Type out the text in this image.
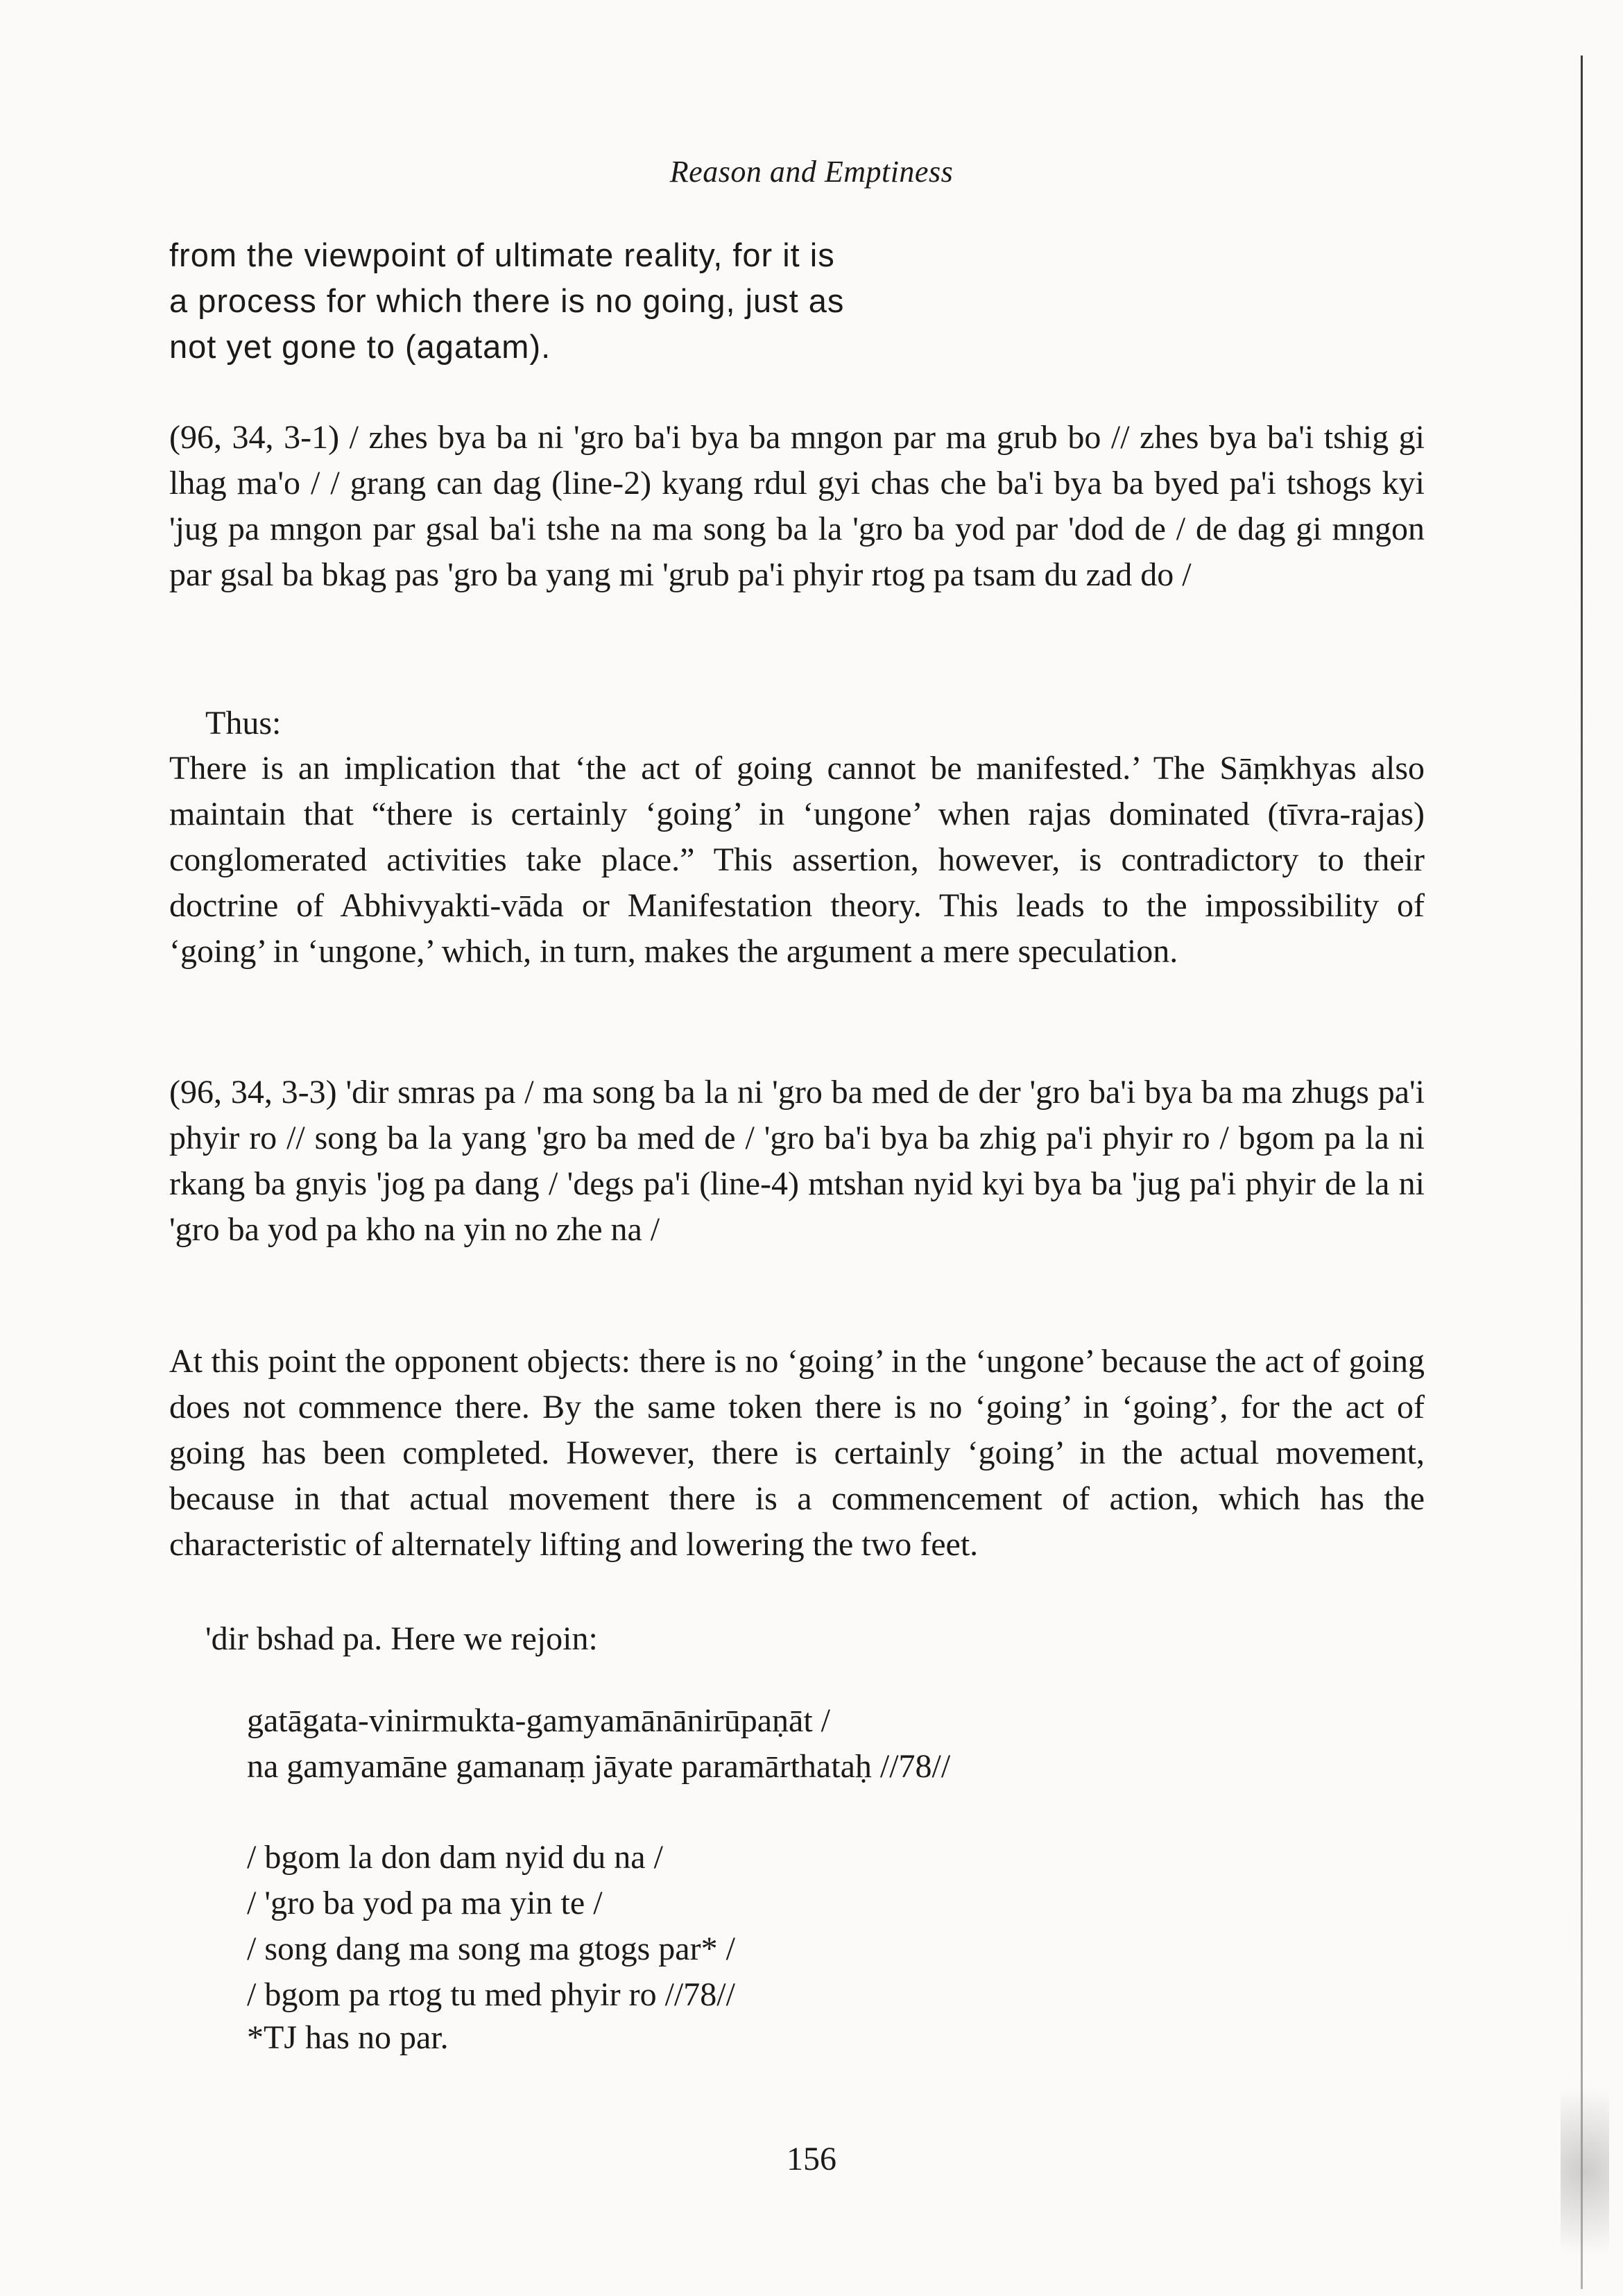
Reason and Emptiness
from the viewpoint of ultimate reality, for it is
a process for which there is no going, just as
not yet gone to (agatam).

(96, 34, 3-1) / zhes bya ba ni 'gro ba'i bya ba mngon par ma grub bo // zhes bya ba'i tshig gi lhag ma'o / / grang can dag (line-2) kyang rdul gyi chas che ba'i bya ba byed pa'i tshogs kyi 'jug pa mngon par gsal ba'i tshe na ma song ba la 'gro ba yod par 'dod de / de dag gi mngon par gsal ba bkag pas 'gro ba yang mi 'grub pa'i phyir rtog pa tsam du zad do /

Thus:

There is an implication that ‘the act of going cannot be manifested.’ The Sāṃkhyas also maintain that “there is certainly ‘going’ in ‘ungone’ when rajas dominated (tīvra-rajas) conglomerated activities take place.” This assertion, however, is contradictory to their doctrine of Abhivyakti-vāda or Manifestation theory. This leads to the impossibility of ‘going’ in ‘ungone,’ which, in turn, makes the argument a mere speculation.

(96, 34, 3-3) 'dir smras pa / ma song ba la ni 'gro ba med de der 'gro ba'i bya ba ma zhugs pa'i phyir ro // song ba la yang 'gro ba med de / 'gro ba'i bya ba zhig pa'i phyir ro / bgom pa la ni rkang ba gnyis 'jog pa dang / 'degs pa'i (line-4) mtshan nyid kyi bya ba 'jug pa'i phyir de la ni 'gro ba yod pa kho na yin no zhe na /

At this point the opponent objects: there is no ‘going’ in the ‘ungone’ because the act of going does not commence there. By the same token there is no ‘going’ in ‘going’, for the act of going has been completed. However, there is certainly ‘going’ in the actual movement, because in that actual movement there is a commencement of action, which has the characteristic of alternately lifting and lowering the two feet.

'dir bshad pa. Here we rejoin:
gatāgata-vinirmukta-gamyamānānirūpaṇāt /
na gamyamāne gamanaṃ jāyate paramārthataḥ //78//
/ bgom la don dam nyid du na /
/ 'gro ba yod pa ma yin te /
/ song dang ma song ma gtogs par* /
/ bgom pa rtog tu med phyir ro //78//
*TJ has no par.
156
